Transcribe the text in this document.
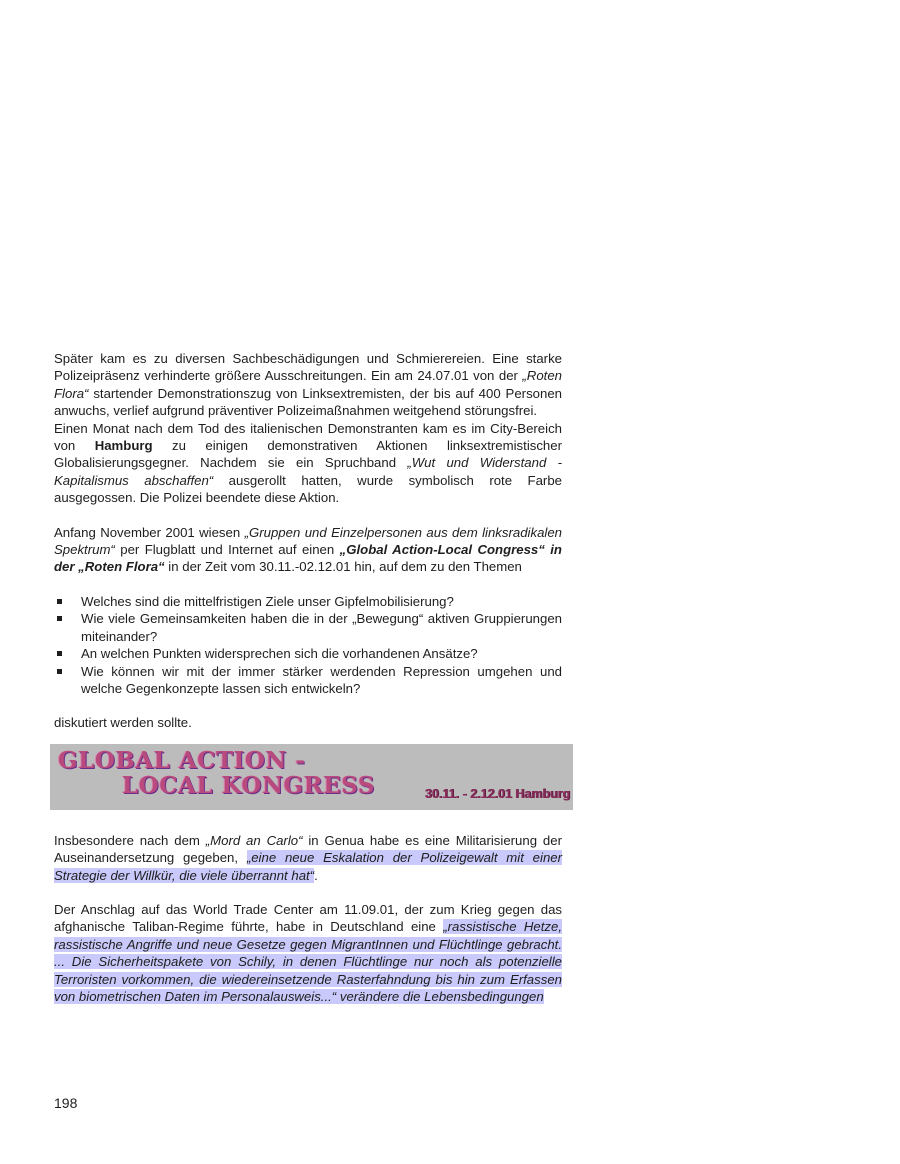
Später kam es zu diversen Sachbeschädigungen und Schmierereien. Eine starke Polizeipräsenz verhinderte größere Ausschreitungen. Ein am 24.07.01 von der „Roten Flora“ startender Demonstrationszug von Linksextremisten, der bis auf 400 Personen anwuchs, verlief aufgrund präventiver Polizeimaßnahmen weitgehend störungsfrei.

Einen Monat nach dem Tod des italienischen Demonstranten kam es im City-Bereich von Hamburg zu einigen demonstrativen Aktionen linksextremistischer Globalisierungsgegner. Nachdem sie ein Spruchband „Wut und Widerstand - Kapitalismus abschaffen“ ausgerollt hatten, wurde symbolisch rote Farbe ausgegossen. Die Polizei beendete diese Aktion.

Anfang November 2001 wiesen „Gruppen und Einzelpersonen aus dem linksradikalen Spektrum“ per Flugblatt und Internet auf einen „Global Action-Local Congress“ in der „Roten Flora“ in der Zeit vom 30.11.-02.12.01 hin, auf dem zu den Themen

Welches sind die mittelfristigen Ziele unser Gipfelmobilisierung?
Wie viele Gemeinsamkeiten haben die in der „Bewegung“ aktiven Gruppierungen miteinander?
An welchen Punkten widersprechen sich die vorhandenen Ansätze?
Wie können wir mit der immer stärker werdenden Repression umgehen und welche Gegenkonzepte lassen sich entwickeln?

diskutiert werden sollte.

GLOBAL ACTION -
LOCAL KONGRESS	30.11. - 2.12.01 Hamburg

Insbesondere nach dem „Mord an Carlo“ in Genua habe es eine Militarisierung der Auseinandersetzung gegeben, „eine neue Eskalation der Polizeigewalt mit einer Strategie der Willkür, die viele überrannt hat“.

Der Anschlag auf das World Trade Center am 11.09.01, der zum Krieg gegen das afghanische Taliban-Regime führte, habe in Deutschland eine „rassistische Hetze, rassistische Angriffe und neue Gesetze gegen MigrantInnen und Flüchtlinge gebracht. ... Die Sicherheitspakete von Schily, in denen Flüchtlinge nur noch als potenzielle Terroristen vorkommen, die wiedereinsetzende Rasterfahndung bis hin zum Erfassen von biometrischen Daten im Personalausweis...“ verändere die Lebensbedingungen

198
